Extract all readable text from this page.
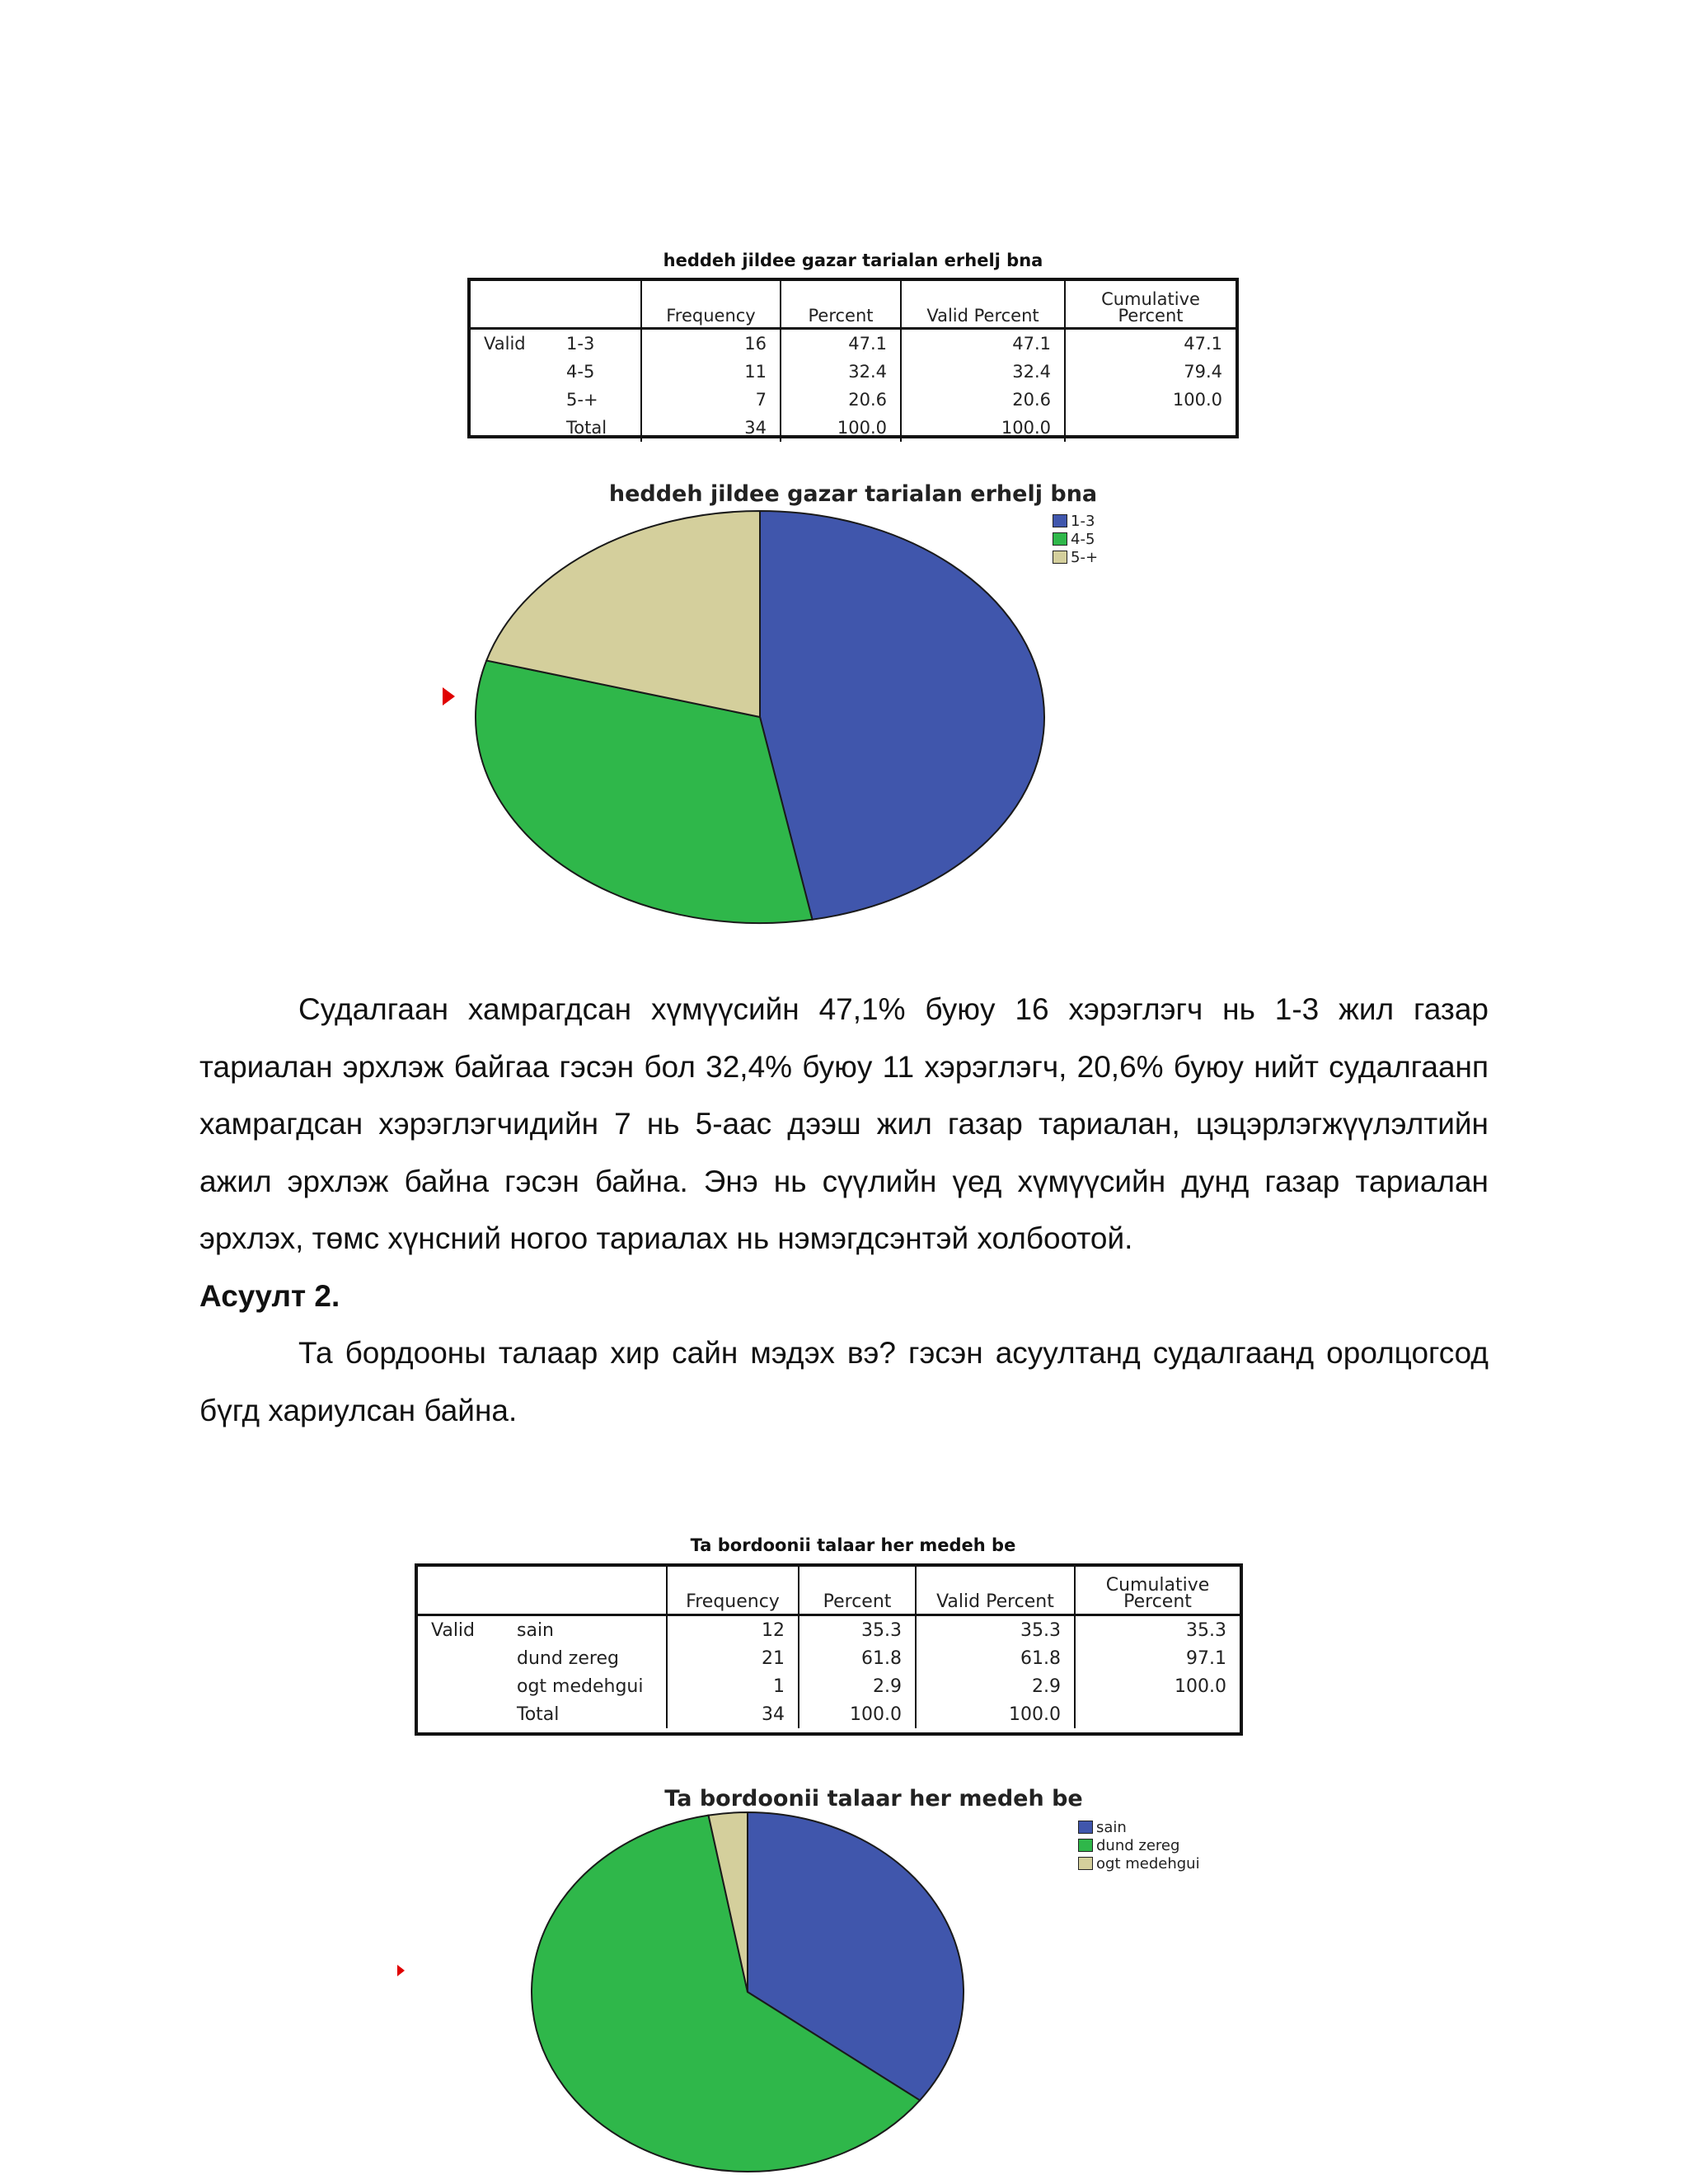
heddeh jildee gazar tarialan erhelj bna
		Frequency	Percent	Valid Percent	Cumulative Percent
Valid	1-3	16	47.1	47.1	47.1
	4-5	11	32.4	32.4	79.4
	5-+	7	20.6	20.6	100.0
	Total	34	100.0	100.0	
heddeh jildee gazar tarialan erhelj bna
1-3
4-5
5-+

Судалгаан хамрагдсан хүмүүсийн 47,1% буюу 16 хэрэглэгч нь 1-3 жил газар тариалан эрхлэж байгаа гэсэн бол 32,4% буюу 11 хэрэглэгч, 20,6% буюу нийт судалгаанп хамрагдсан хэрэглэгчидийн 7 нь 5-аас дээш жил газар тариалан, цэцэрлэгжүүлэлтийн ажил эрхлэж байна гэсэн байна. Энэ нь сүүлийн үед хүмүүсийн дунд газар тариалан эрхлэх, төмс хүнсний ногоо тариалах нь нэмэгдсэнтэй холбоотой.

Асуулт 2.

Та бордооны талаар хир сайн мэдэх вэ? гэсэн асуултанд судалгаанд оролцогсод бүгд хариулсан байна.

Ta bordoonii talaar her medeh be
		Frequency	Percent	Valid Percent	Cumulative Percent
Valid	sain	12	35.3	35.3	35.3
	dund zereg	21	61.8	61.8	97.1
	ogt medehgui	1	2.9	2.9	100.0
	Total	34	100.0	100.0	
Ta bordoonii talaar her medeh be
sain
dund zereg
ogt medehgui
